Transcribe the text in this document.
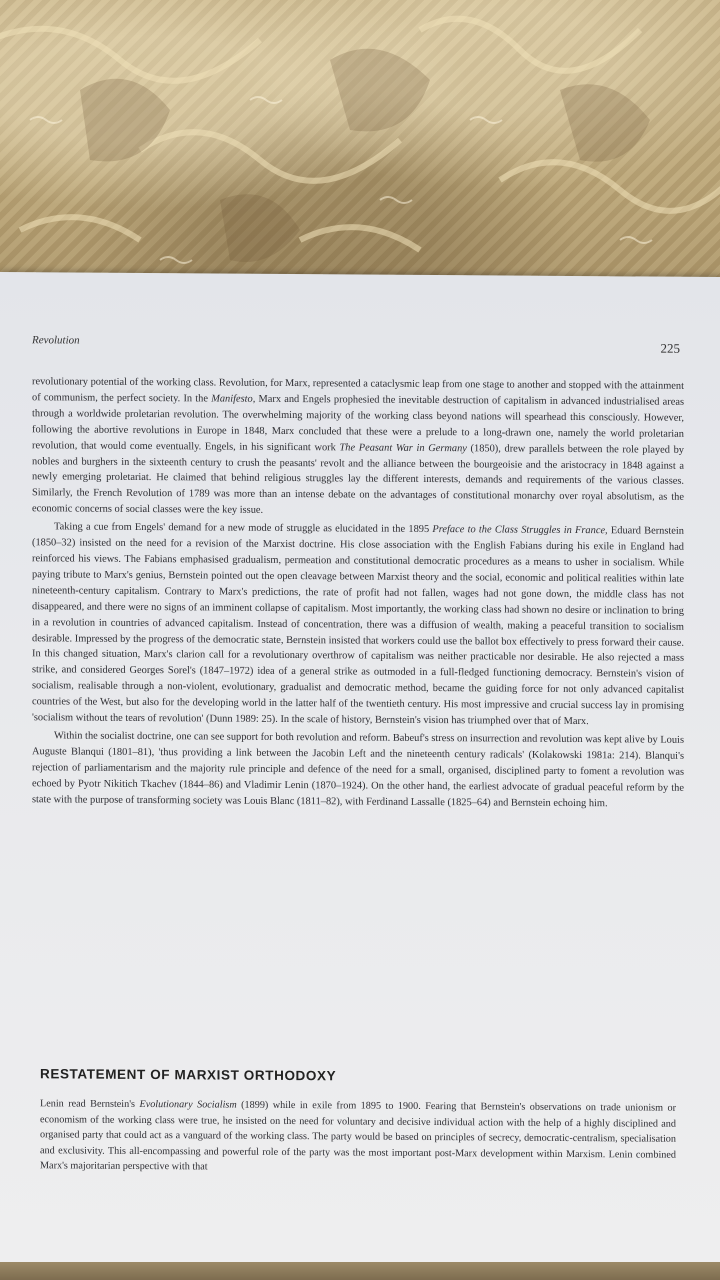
Revolution
225

revolutionary potential of the working class. Revolution, for Marx, represented a cataclysmic leap from one stage to another and stopped with the attainment of communism, the perfect society. In the Manifesto, Marx and Engels prophesied the inevitable destruction of capitalism in advanced industrialised areas through a worldwide proletarian revolution. The overwhelming majority of the working class beyond nations will spearhead this consciously. However, following the abortive revolutions in Europe in 1848, Marx concluded that these were a prelude to a long-drawn one, namely the world proletarian revolution, that would come eventually. Engels, in his significant work The Peasant War in Germany (1850), drew parallels between the role played by nobles and burghers in the sixteenth century to crush the peasants' revolt and the alliance between the bourgeoisie and the aristocracy in 1848 against a newly emerging proletariat. He claimed that behind religious struggles lay the different interests, demands and requirements of the various classes. Similarly, the French Revolution of 1789 was more than an intense debate on the advantages of constitutional monarchy over royal absolutism, as the economic concerns of social classes were the key issue.

Taking a cue from Engels' demand for a new mode of struggle as elucidated in the 1895 Preface to the Class Struggles in France, Eduard Bernstein (1850–32) insisted on the need for a revision of the Marxist doctrine. His close association with the English Fabians during his exile in England had reinforced his views. The Fabians emphasised gradualism, permeation and constitutional democratic procedures as a means to usher in socialism. While paying tribute to Marx's genius, Bernstein pointed out the open cleavage between Marxist theory and the social, economic and political realities within late nineteenth-century capitalism. Contrary to Marx's predictions, the rate of profit had not fallen, wages had not gone down, the middle class has not disappeared, and there were no signs of an imminent collapse of capitalism. Most importantly, the working class had shown no desire or inclination to bring in a revolution in countries of advanced capitalism. Instead of concentration, there was a diffusion of wealth, making a peaceful transition to socialism desirable. Impressed by the progress of the democratic state, Bernstein insisted that workers could use the ballot box effectively to press forward their cause. In this changed situation, Marx's clarion call for a revolutionary overthrow of capitalism was neither practicable nor desirable. He also rejected a mass strike, and considered Georges Sorel's (1847–1972) idea of a general strike as outmoded in a full-fledged functioning democracy. Bernstein's vision of socialism, realisable through a non-violent, evolutionary, gradualist and democratic method, became the guiding force for not only advanced capitalist countries of the West, but also for the developing world in the latter half of the twentieth century. His most impressive and crucial success lay in promising 'socialism without the tears of revolution' (Dunn 1989: 25). In the scale of history, Bernstein's vision has triumphed over that of Marx.

Within the socialist doctrine, one can see support for both revolution and reform. Babeuf's stress on insurrection and revolution was kept alive by Louis Auguste Blanqui (1801–81), 'thus providing a link between the Jacobin Left and the nineteenth century radicals' (Kolakowski 1981a: 214). Blanqui's rejection of parliamentarism and the majority rule principle and defence of the need for a small, organised, disciplined party to foment a revolution was echoed by Pyotr Nikitich Tkachev (1844–86) and Vladimir Lenin (1870–1924). On the other hand, the earliest advocate of gradual peaceful reform by the state with the purpose of transforming society was Louis Blanc (1811–82), with Ferdinand Lassalle (1825–64) and Bernstein echoing him.

RESTATEMENT OF MARXIST ORTHODOXY

Lenin read Bernstein's Evolutionary Socialism (1899) while in exile from 1895 to 1900. Fearing that Bernstein's observations on trade unionism or economism of the working class were true, he insisted on the need for voluntary and decisive individual action with the help of a highly disciplined and organised party that could act as a vanguard of the working class. The party would be based on principles of secrecy, democratic-centralism, specialisation and exclusivity. This all-encompassing and powerful role of the party was the most important post-Marx development within Marxism. Lenin combined Marx's majoritarian perspective with that
